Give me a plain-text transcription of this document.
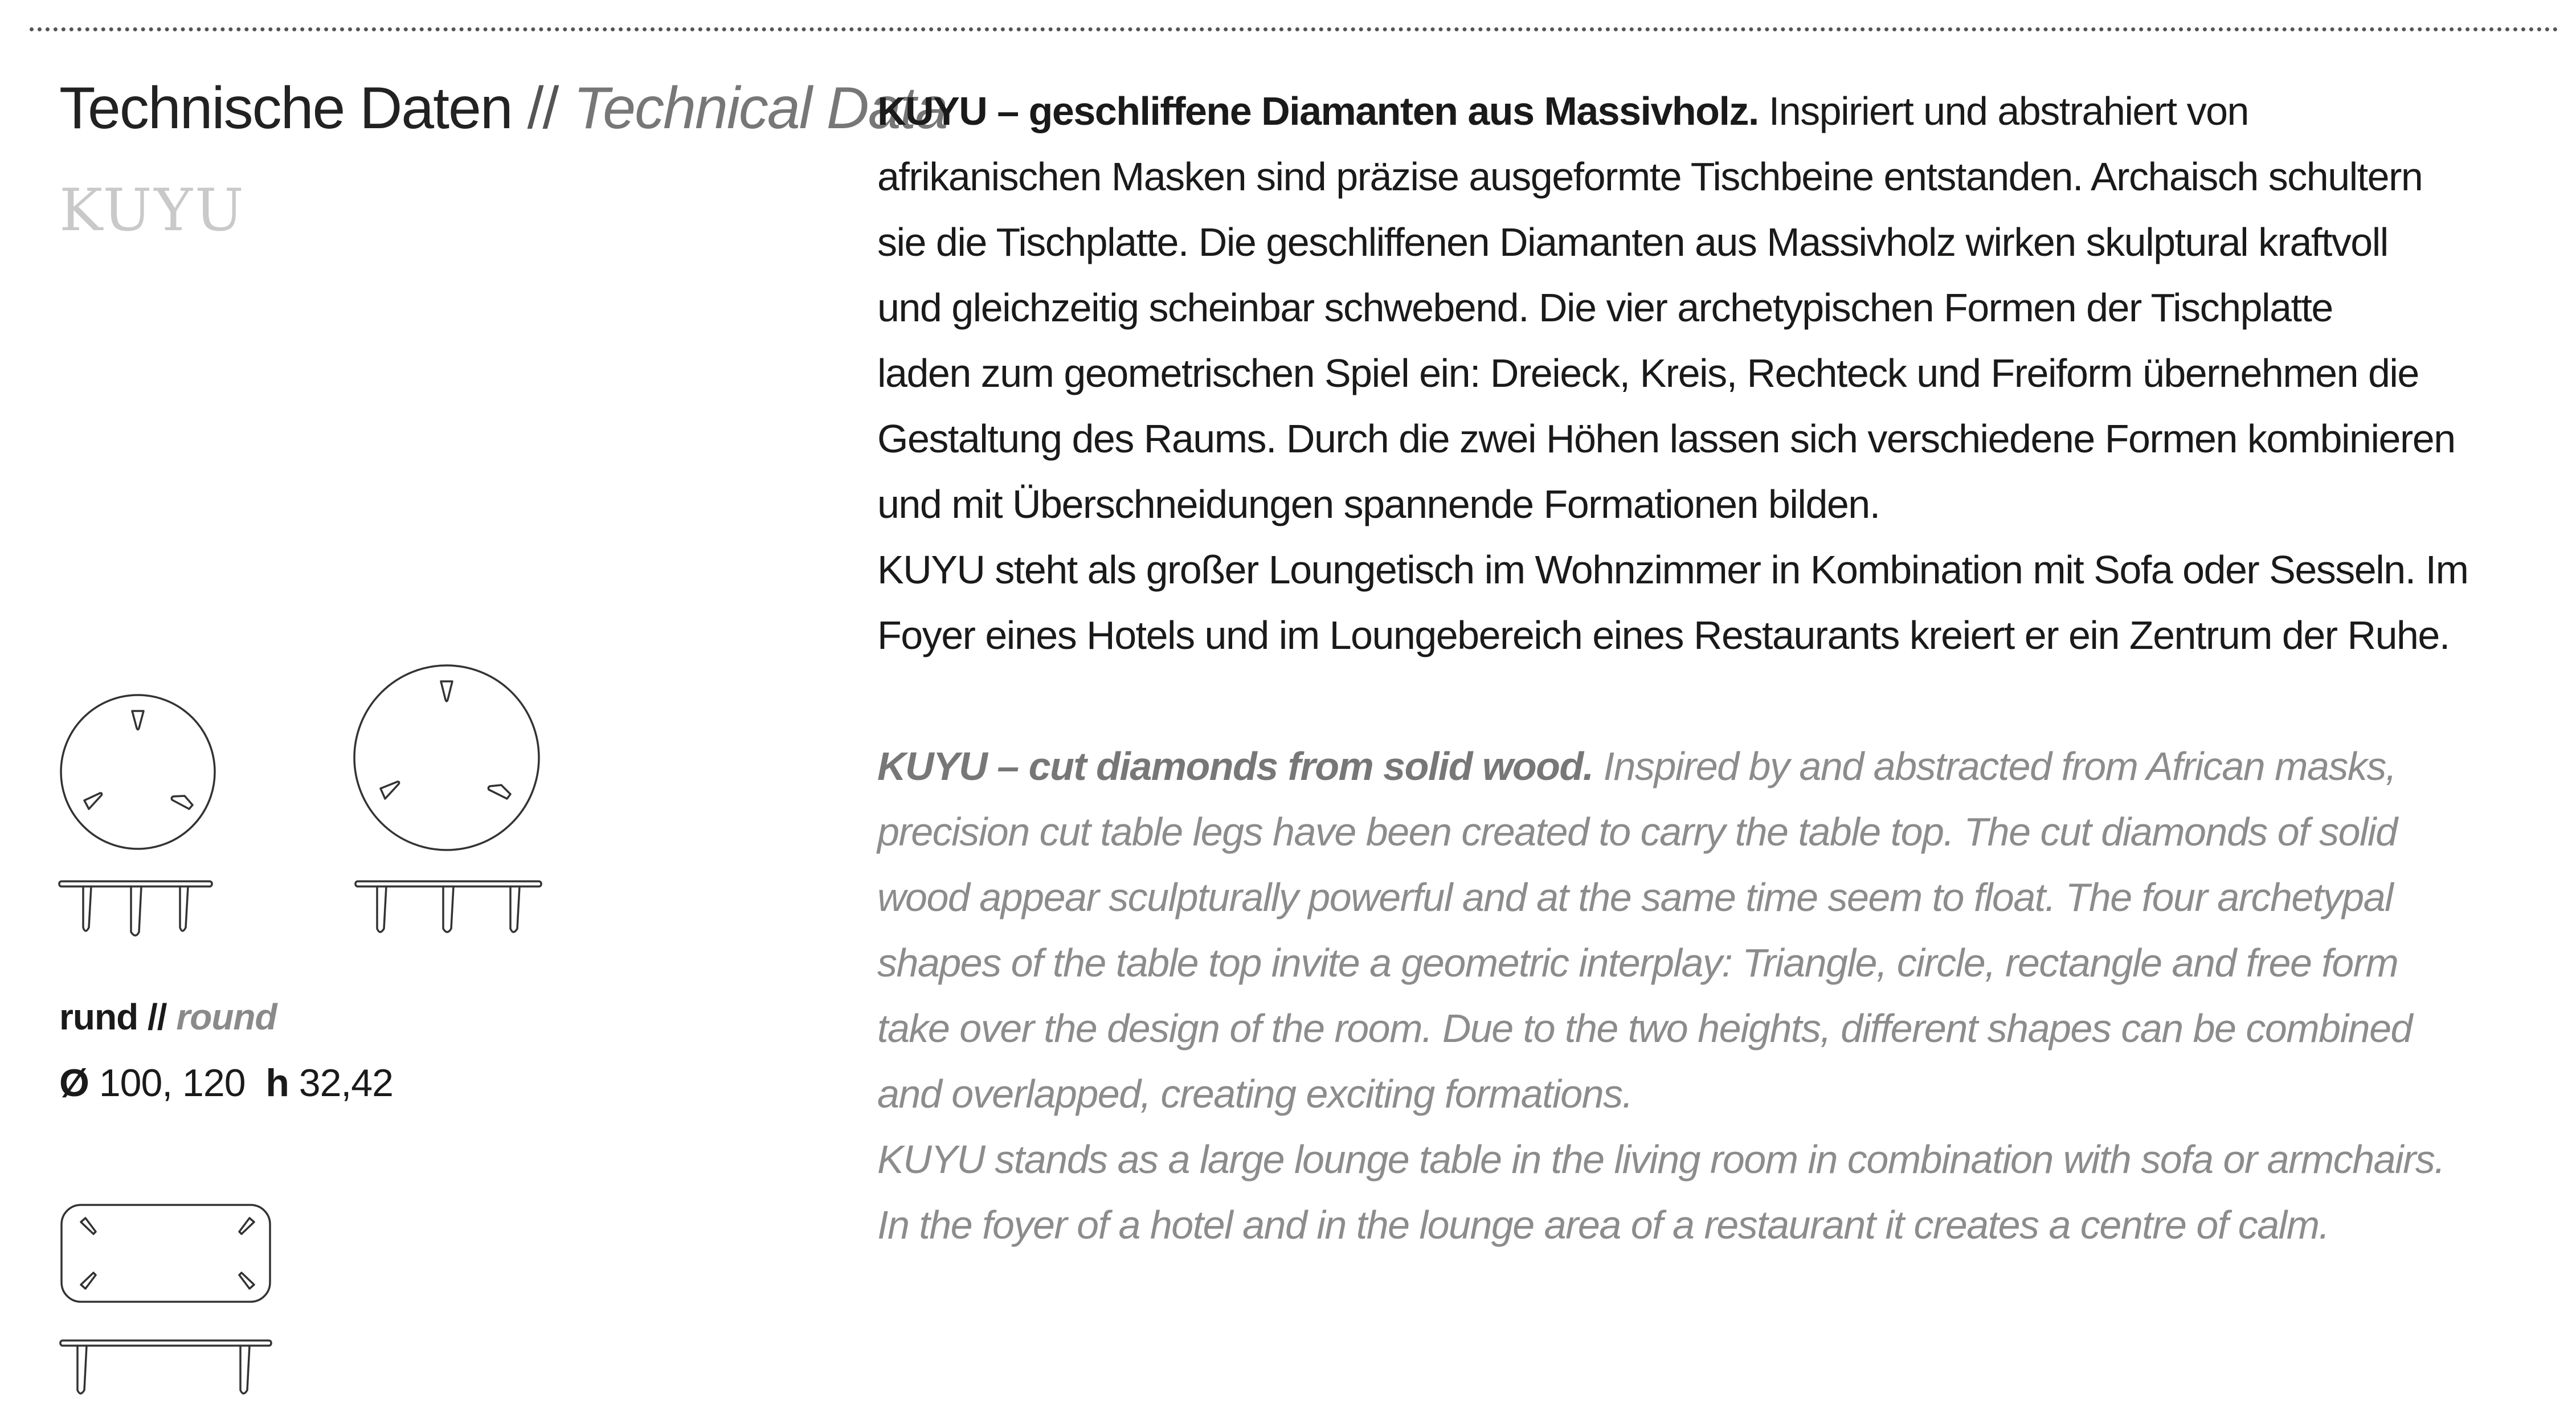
Technische Daten // Technical Data
KUYU
rund // round
Ø 100, 120 h 32,42

KUYU – geschliffene Diamanten aus Massivholz. Inspiriert und abstrahiert von
afrikanischen Masken sind präzise ausgeformte Tischbeine entstanden. Archaisch schultern
sie die Tischplatte. Die geschliffenen Diamanten aus Massivholz wirken skulptural kraftvoll
und gleichzeitig scheinbar schwebend. Die vier archetypischen Formen der Tischplatte
laden zum geometrischen Spiel ein: Dreieck, Kreis, Rechteck und Freiform übernehmen die
Gestaltung des Raums. Durch die zwei Höhen lassen sich verschiedene Formen kombinieren
und mit Überschneidungen spannende Formationen bilden.
KUYU steht als großer Loungetisch im Wohnzimmer in Kombination mit Sofa oder Sesseln. Im
Foyer eines Hotels und im Loungebereich eines Restaurants kreiert er ein Zentrum der Ruhe.

KUYU – cut diamonds from solid wood. Inspired by and abstracted from African masks,
precision cut table legs have been created to carry the table top. The cut diamonds of solid
wood appear sculpturally powerful and at the same time seem to float. The four archetypal
shapes of the table top invite a geometric interplay: Triangle, circle, rectangle and free form
take over the design of the room. Due to the two heights, different shapes can be combined
and overlapped, creating exciting formations.
KUYU stands as a large lounge table in the living room in combination with sofa or armchairs.
In the foyer of a hotel and in the lounge area of a restaurant it creates a centre of calm.
